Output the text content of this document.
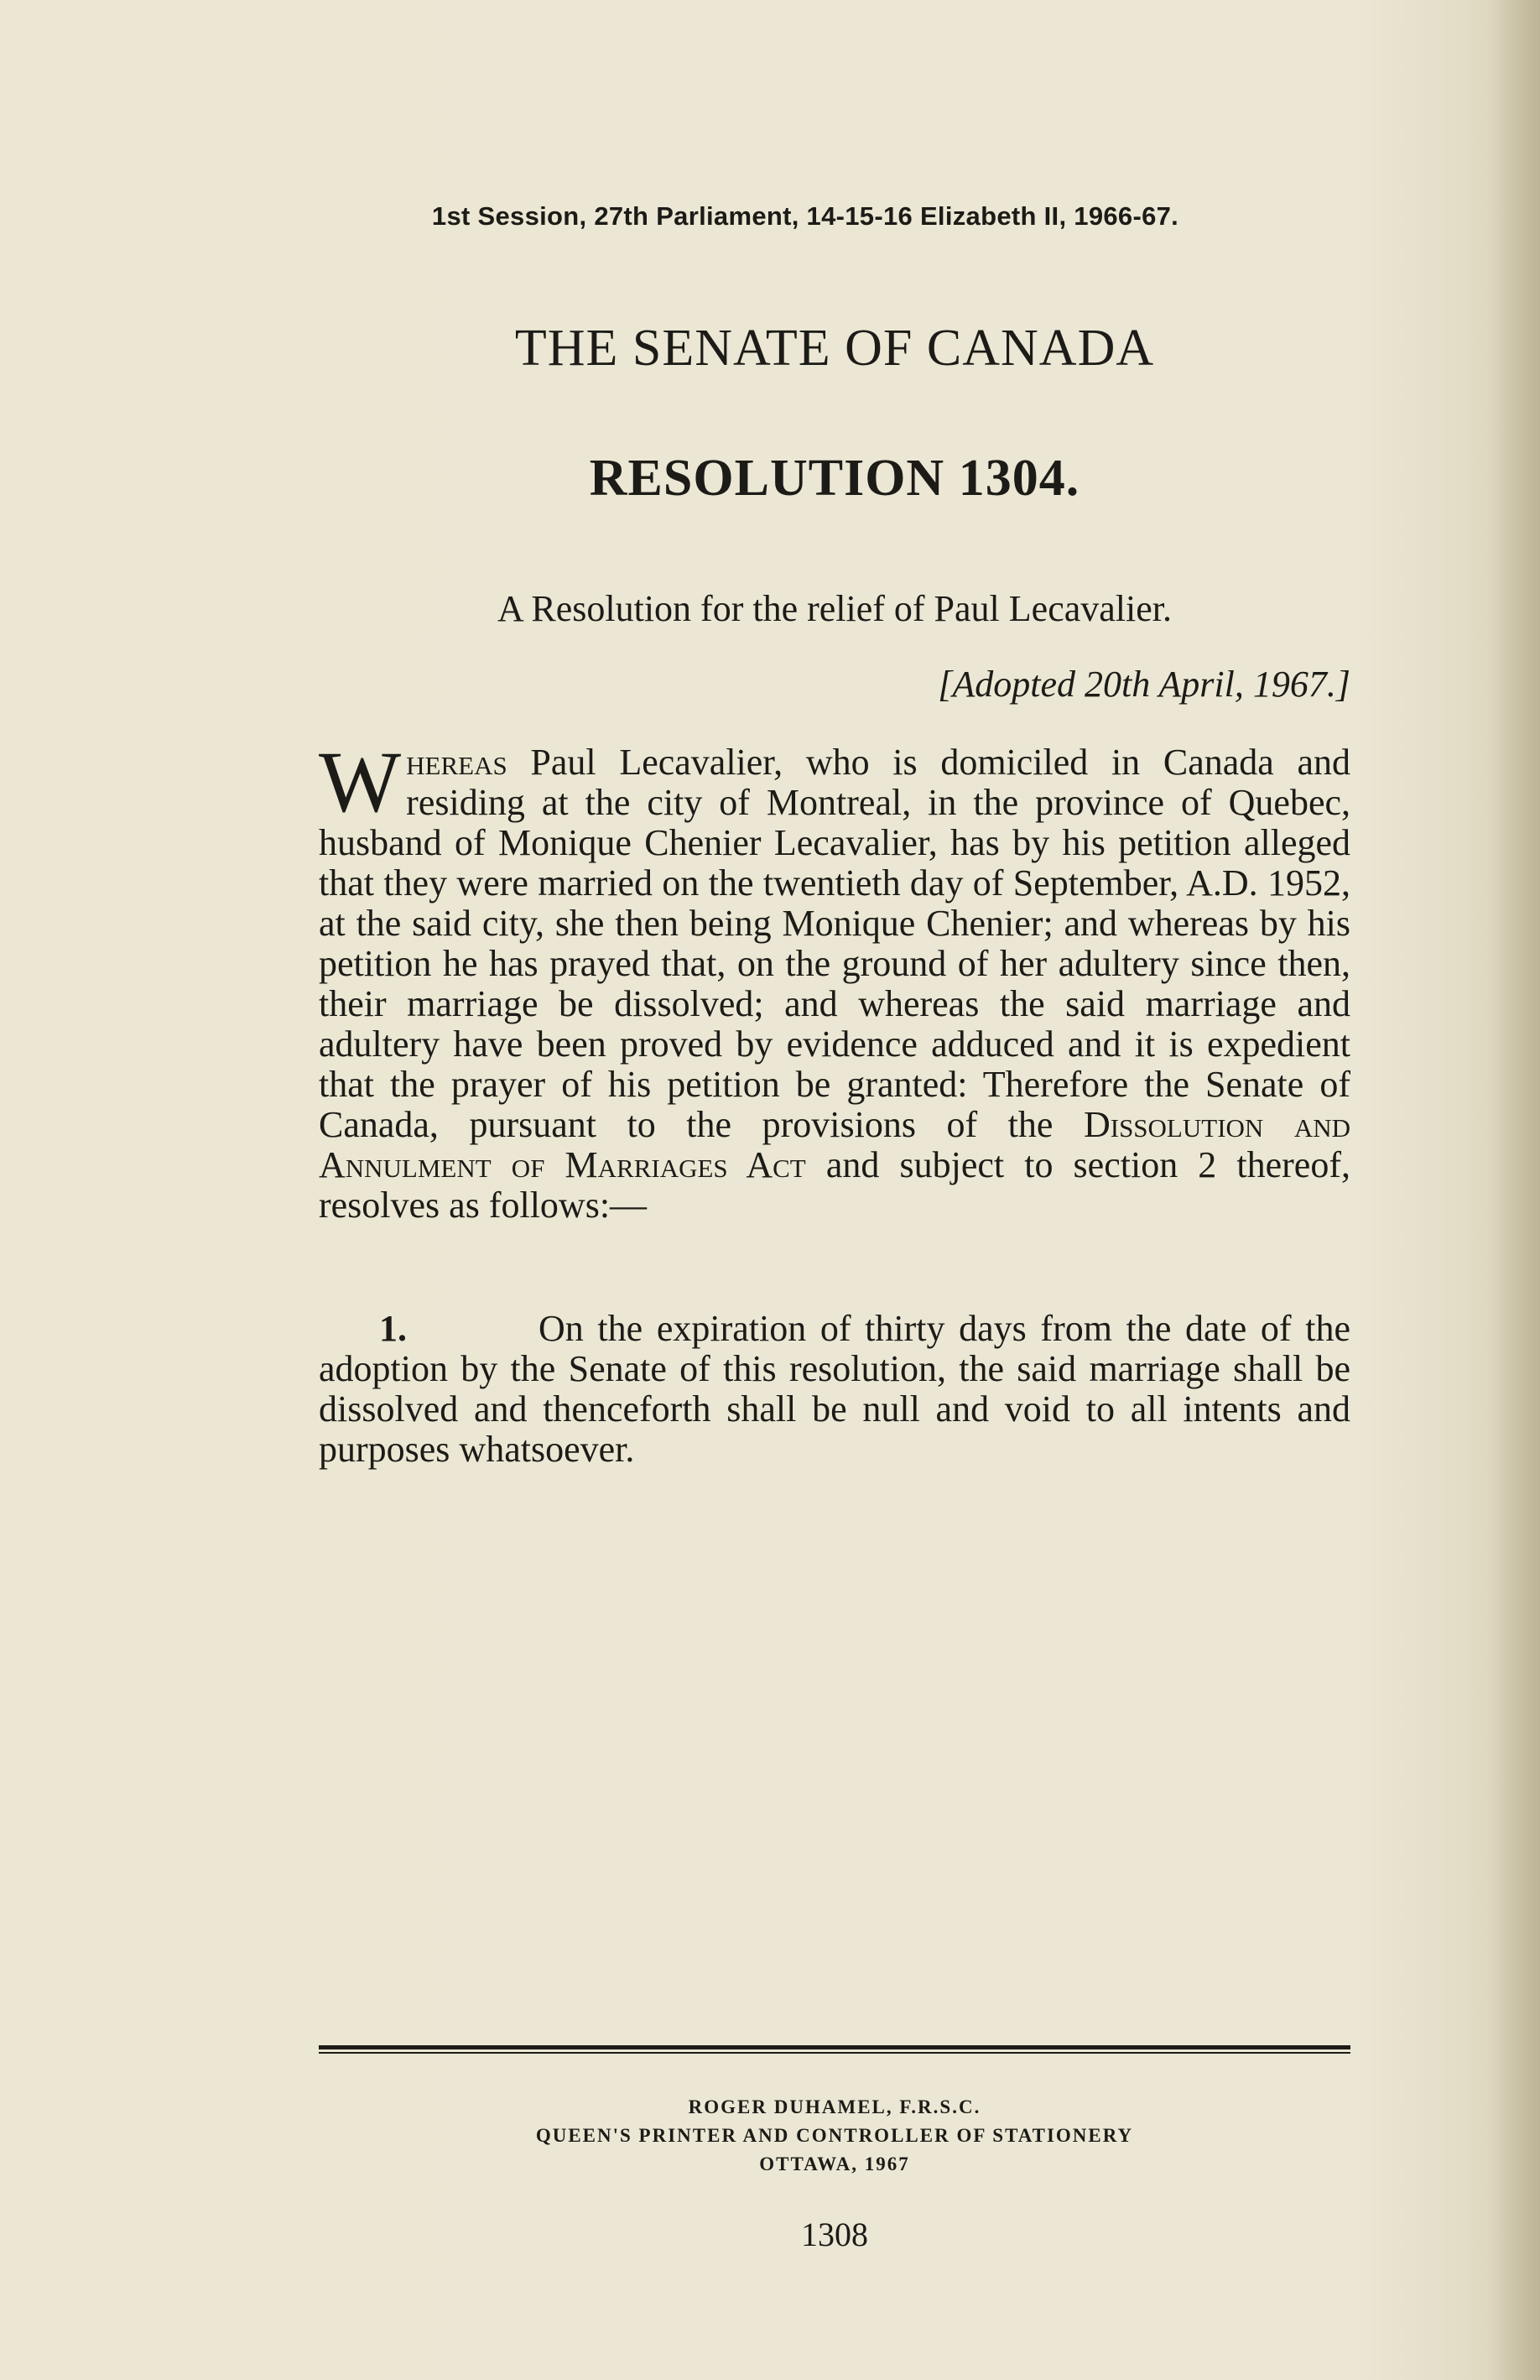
1st Session, 27th Parliament, 14-15-16 Elizabeth II, 1966-67.
THE SENATE OF CANADA
RESOLUTION 1304.
A Resolution for the relief of Paul Lecavalier.
[Adopted 20th April, 1967.]

Whereas Paul Lecavalier, who is domiciled in Canada and residing at the city of Montreal, in the province of Quebec, husband of Monique Chenier Lecavalier, has by his petition alleged that they were married on the twentieth day of September, A.D. 1952, at the said city, she then being Monique Chenier; and whereas by his petition he has prayed that, on the ground of her adultery since then, their marriage be dissolved; and whereas the said marriage and adultery have been proved by evidence adduced and it is expedient that the prayer of his petition be granted: Therefore the Senate of Canada, pursuant to the provisions of the Dissolution and Annulment of Marriages Act and subject to section 2 thereof, resolves as follows:—

1.	On the expiration of thirty days from the date of the adoption by the Senate of this resolution, the said marriage shall be dissolved and thenceforth shall be null and void to all intents and purposes whatsoever.

ROGER DUHAMEL, F.R.S.C.
QUEEN'S PRINTER AND CONTROLLER OF STATIONERY
OTTAWA, 1967
1308
